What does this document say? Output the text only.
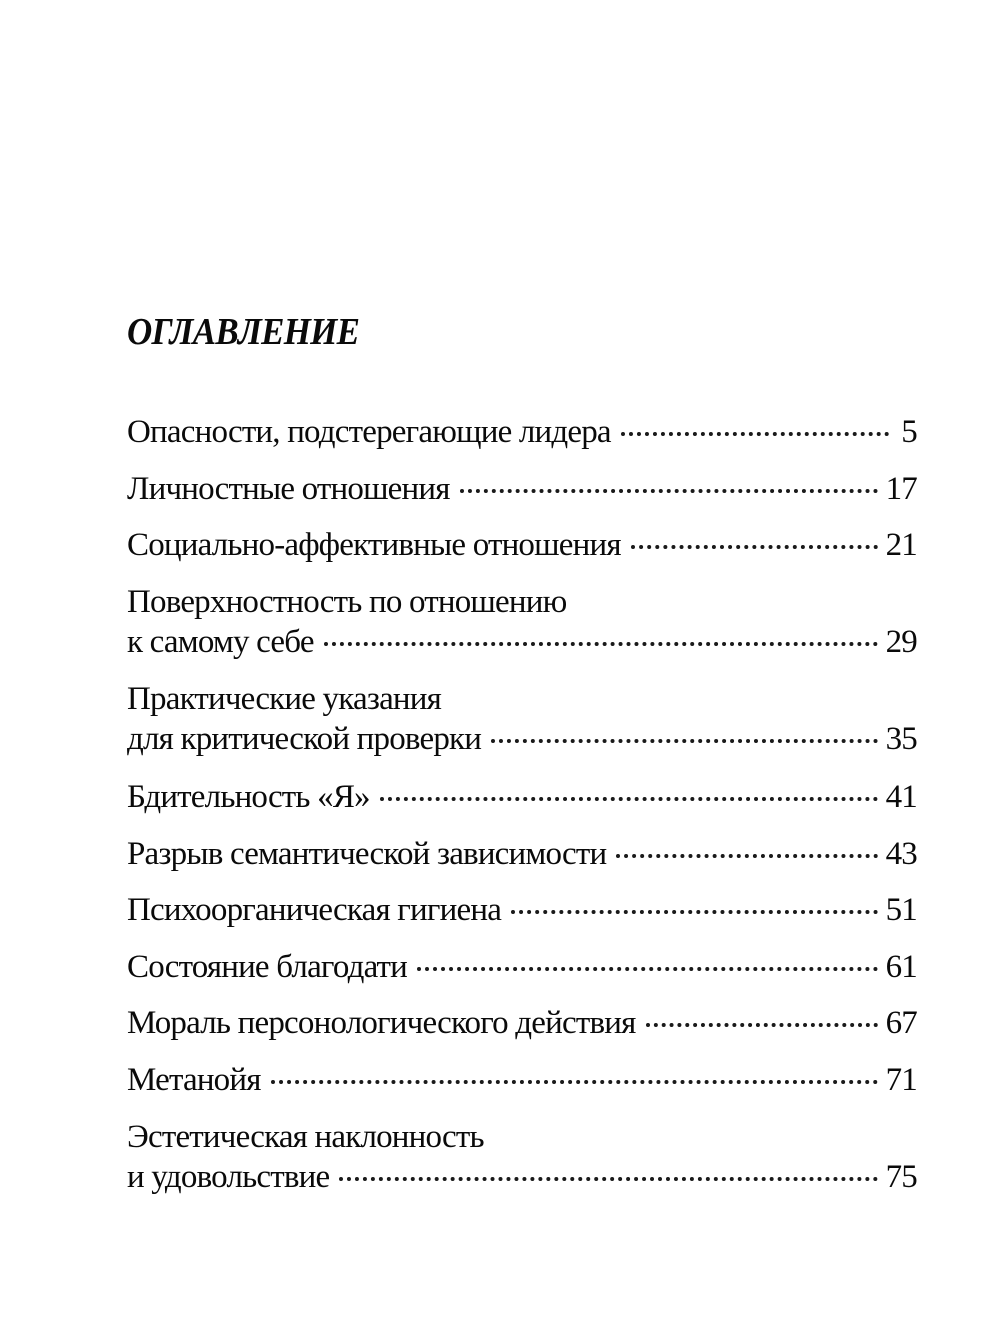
ОГЛАВЛЕНИЕ
Опасности, подстерегающие лидера	5
Личностные отношения	17
Социально-аффективные отношения	21
Поверхностность по отношению
к самому себе	29
Практические указания
для критической проверки	35
Бдительность «Я»	41
Разрыв семантической зависимости	43
Психоорганическая гигиена	51
Состояние благодати	61
Мораль персонологического действия	67
Метанойя	71
Эстетическая наклонность
и удовольствие	75
